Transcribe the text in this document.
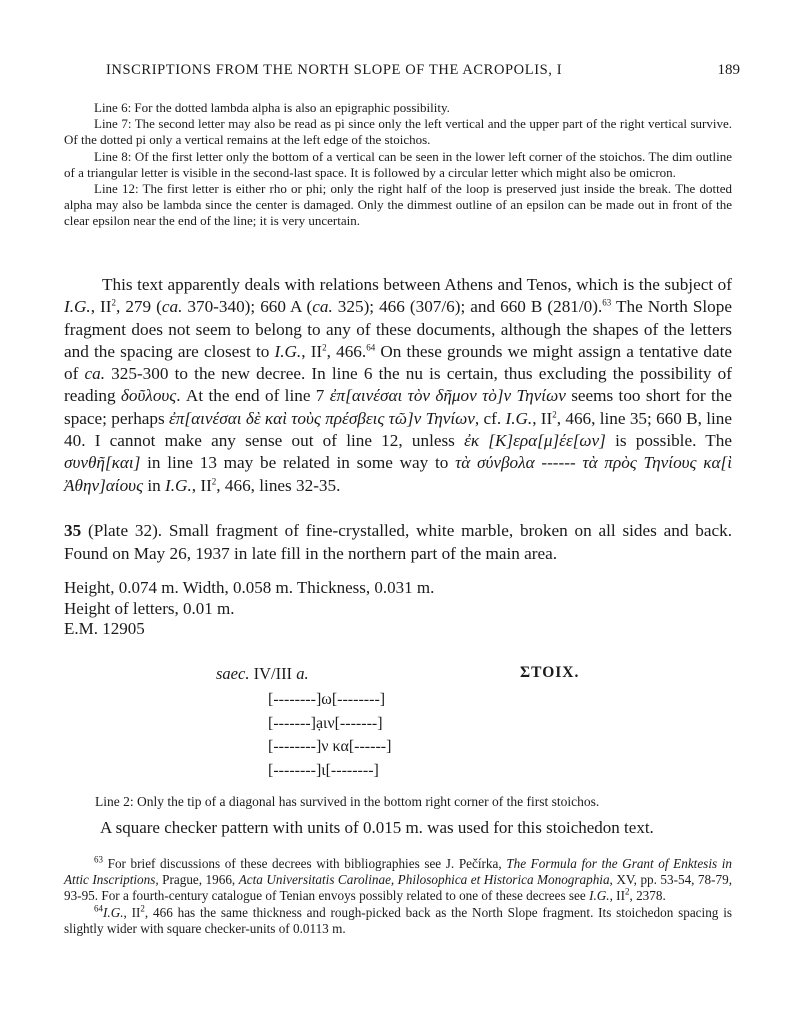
INSCRIPTIONS FROM THE NORTH SLOPE OF THE ACROPOLIS, I	189

Line 6: For the dotted lambda alpha is also an epigraphic possibility.

Line 7: The second letter may also be read as pi since only the left vertical and the upper part of the right vertical survive. Of the dotted pi only a vertical remains at the left edge of the stoichos.

Line 8: Of the first letter only the bottom of a vertical can be seen in the lower left corner of the stoichos. The dim outline of a triangular letter is visible in the second-last space. It is followed by a circular letter which might also be omicron.

Line 12: The first letter is either rho or phi; only the right half of the loop is preserved just inside the break. The dotted alpha may also be lambda since the center is damaged. Only the dimmest outline of an epsilon can be made out in front of the clear epsilon near the end of the line; it is very uncertain.

This text apparently deals with relations between Athens and Tenos, which is the subject of I.G., $II^2$, 279 (ca. 370-340); 660 A (ca. 325); 466 (307/6); and 660 B (281/0).$^{63}$ The North Slope fragment does not seem to belong to any of these documents, although the shapes of the letters and the spacing are closest to I.G., $II^2$, 466.64 On these grounds we might assign a tentative date of ca. 325-300 to the new decree. In line 6 the nu is certain, thus excluding the possibility of reading δοῦλους. At the end of line 7 ἐπ[αινέσαι τὸν δῆμον τὸ]ν Τηνίων seems too short for the space; perhaps ἐπ[αινέσαι δὲ καὶ τοὺς πρέσβεις τῶ]ν Τηνίων, cf. I.G., $II^2$, 466, line 35; 660 B, line 40. I cannot make any sense out of line 12, unless ἐκ [Κ]ερα[μ]έε[ων] is possible. The συνθῆ[και] in line 13 may be related in some way to τὰ σύνβολα ------ τὰ πρὸς Τηνίους κα[ὶ Ἀθην]αίους in I.G., $II^2$, 466, lines 32-35.

35 (Plate 32). Small fragment of fine-crystalled, white marble, broken on all sides and back. Found on May 26, 1937 in late fill in the northern part of the main area.

Height, 0.074 m. Width, 0.058 m. Thickness, 0.031 m.
Height of letters, 0.01 m.
E.M. 12905
saec. IV/III a.	ΣΤΟΙΧ.
[--------]ω[--------]
[-------]ạιν[-------]
[--------]ν κα[------]
[--------]ι[--------]
Line 2: Only the tip of a diagonal has survived in the bottom right corner of the first stoichos.
A square checker pattern with units of 0.015 m. was used for this stoichedon text.

$^{63}$ For brief discussions of these decrees with bibliographies see J. Pečírka, The Formula for the Grant of Enktesis in Attic Inscriptions, Prague, 1966, Acta Universitatis Carolinae, Philosophica et Historica Monographia, XV, pp. 53-54, 78-79, 93-95. For a fourth-century catalogue of Tenian envoys possibly related to one of these decrees see I.G., $II^2$, 2378.

$^{64}$I.G., $II^2$, 466 has the same thickness and rough-picked back as the North Slope fragment. Its stoichedon spacing is slightly wider with square checker-units of 0.0113 m.
